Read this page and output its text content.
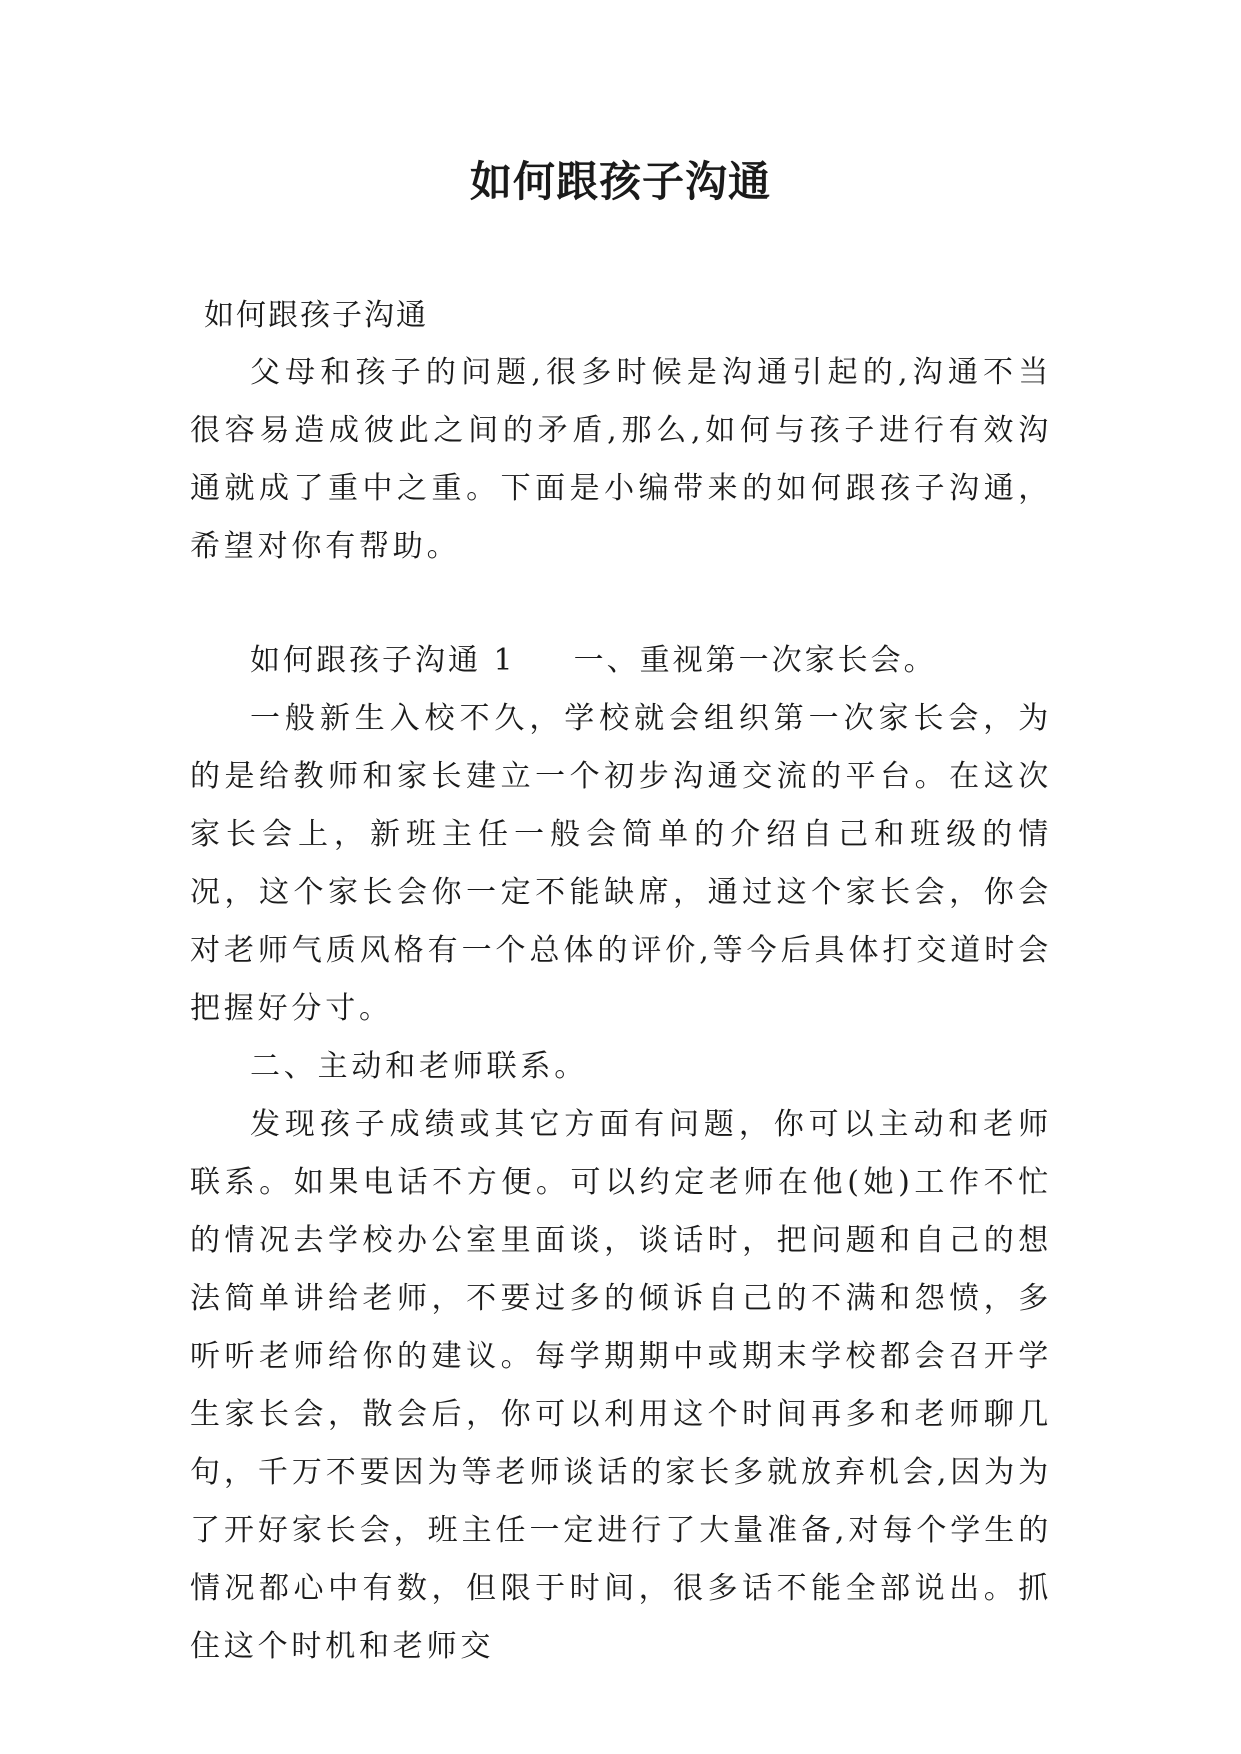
如何跟孩子沟通

如何跟孩子沟通

父母和孩子的问题,很多时候是沟通引起的,沟通不当很容易造成彼此之间的矛盾,那么,如何与孩子进行有效沟通就成了重中之重。下面是小编带来的如何跟孩子沟通，希望对你有帮助。

如何跟孩子沟通 1 一、重视第一次家长会。

一般新生入校不久，学校就会组织第一次家长会，为的是给教师和家长建立一个初步沟通交流的平台。在这次家长会上，新班主任一般会简单的介绍自己和班级的情况，这个家长会你一定不能缺席，通过这个家长会，你会对老师气质风格有一个总体的评价,等今后具体打交道时会把握好分寸。

二、主动和老师联系。

发现孩子成绩或其它方面有问题，你可以主动和老师联系。如果电话不方便。可以约定老师在他(她)工作不忙的情况去学校办公室里面谈，谈话时，把问题和自己的想法简单讲给老师，不要过多的倾诉自己的不满和怨愤，多听听老师给你的建议。每学期期中或期末学校都会召开学生家长会，散会后，你可以利用这个时间再多和老师聊几句，千万不要因为等老师谈话的家长多就放弃机会,因为为了开好家长会，班主任一定进行了大量准备,对每个学生的情况都心中有数，但限于时间，很多话不能全部说出。抓住这个时机和老师交
